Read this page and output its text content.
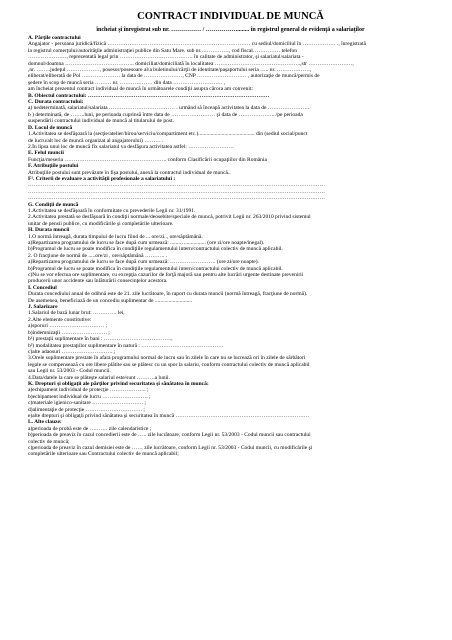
CONTRACT INDIVIDUAL DE MUNCĂ
încheiat şi înregistrat sub nr. …………… / ……………......... în registrul general de evidenţă a salariaţilor
A. Părţile contractului
Angajator - persoana juridică/fizică …………………………………………………………………… cu sediul/domiciliul în ……………… ., înregistrată
la registrul comerţului/autorităţile administraţiei publice din Satu Mare. sub nr.……………, cod fiscal…………… telefon
…………………, reprezentată legal prin …………………………………. în calitate de administrator, şi salariatul/salariata -
domnul/doamna ……………………………….. domiciliat/domiciliată în localitatea ………………………………………..,str ……………………,
,nr. ……..judeţul ………………, posesor/posesoare al/a buletinului/cărţii de identitate/paşaportului seria ….. nr. ………………,
eliberat/eliberată de Pol ………………… la data de …………………, CNP ……………………… , autorizaţie de muncă/permis de
şedere în scop de muncă seria ……… nr. ……………… din data ……………………… ,
am încheiat prezentul contract individual de muncă în următoarele condiţii asupra cărora am convenit:
B. Obiectul contractului: ………………………………………………………………………………………
C. Durata contractului:
a) nedeterminată, salariatul/salariata ……………………………… . urmând să înceapă activitatea la data de …………………..
b ) determinată, de ……..luni, pe perioada cuprinsă între data de …………………… şi data de ……………….../pe perioada
suspendării contractului individual de muncă al titularului de post.
D. Locul de muncă
1.Activitatea se desfăşoară la (secţie/atelier/birou/serviciu/compartiment etc.)......................................... din (sediul social/punct
de lucru/alt loc de muncă organizat al angajatorului) ……… .
2.În lipsa unui loc de muncă fix salariatul va desfăşura activitatea astfel: …………………….
E. Felul muncii
Funcţia/meseria ……………………………………………….. conform Clasificării ocupaţiilor din România
F. Atribuţiile postului
Atribuţiile postului sunt prevăzute în fişa postului, anexă la contractul individual de muncă..
F¹. Criterii de evaluare a activităţii profesionale a salariatului :
………………………………………………………………………………………………………………………………………………
………………………………………………………………………………………………………………………………………………
………………………………………………………………………………………………………………………………………………
G. Condiţii de muncă
1.Activitatea se desfăşoară în conformitate cu prevederile Legii nr. 31/1991.
2.Activitatea prestată se desfăşoară în condiţii normale/deosebite/speciale de muncă, potrivit Legii nr. 263/2010 privind sistemul
unitar de pensii publice, cu modificările şi completările ulterioare.
H. Durata muncii
1.O normă întreagă, durata timpului de lucru fiind de ... ore/zi.., ore/săptămână.
a)Repartizarea programului de lucru se face după cum urmează: .......…............... (ore zi/ore noapte/inegal).
b)Programul de lucru se poate modifica în condiţiile regulamentului intern/contractului colectiv de muncă aplicabil.
2. O fracţiune de normă de .....ore/zi , ore/săptămână ……….. .
a)Repartizarea programului de lucru se face după cum urmează: ……………………. (ore zi/ore noapte).
b)Programul de lucru se poate modifica în condiţiile regulamentului intern/contractului colectiv de muncă aplicabil.
c)Nu se vor efectua ore suplimentare, cu excepţia cazurilor de forţă majoră sau pentru alte lucrări urgente destinate prevenirii
producerii unor accidente sau înlăturării consecinţelor acestora.
I. Concediul
Durata concediului anual de odihnă este de 21. zile lucrătoare, în raport cu durata muncii (normă întreagă, fracţiune de normă).
De asemenea, beneficiază de un concediu suplimentar de ...........................
J. Salarizare
1.Salariul de bază lunar brut: …………. lei,
2.Alte elemente constitutive:
a)sporuri ………………………… ;
b)indemnizaţii ……………………. ;
b¹) prestaţii suplimentare în bani : ……………………………….,
b²) modalitatea prestaţiilor suplimentare în natură : ………………………………………
c)alte adaosuri ………………………. ;
3.Orele suplimentare prestate în afara programului normal de lucru sau în zilele în care nu se lucrează ori în zilele de sărbători
legale se compensează cu ore libere plătite sau se plătesc cu un spor la salariu, conform contractului colectiv de muncă aplicabil
sau Legii nr. 53/2003 - Codul muncii.
4.Data/datele la care se plăteşte salariul este/sunt ……….a lunii.
K. Drepturi şi obligaţii ale părţilor privind securitatea şi sănătatea în muncă:
a)echipament individual de protecţie ……………….. ;
b)echipament individual de lucru ……………………. ;
c)materiale igienico-sanitare ………………………. ;
d)alimentaţie de protecţie …………………………. ;
e)alte drepturi şi obligaţii privind sănătatea şi securitatea în muncă ……………………………………………………………….
L. Alte clauze:
a)perioada de probă este de ………. zile calendaristice ;
b)perioada de preaviz în cazul concedierii este de ….. zile lucrătoare, conform Legii nr. 53/2003 - Codul muncii sau contractului
colectiv de muncă;
c)perioada de preaviz în cazul demisiei este de …… zile lucrătoare, conform Legii nr. 53/2003 - Codul muncii, cu modificările şi
completările ulterioare sau Contractului colectiv de muncă aplicabil;
